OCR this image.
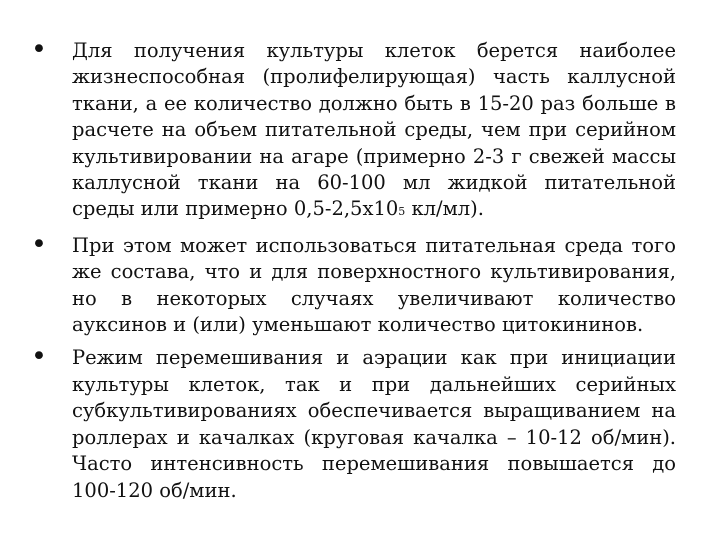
• Для получения культуры клеток берется наиболее жизнеспособная (пролифелирующая) часть каллусной ткани, а ее количество должно быть в 15-20 раз больше в расчете на объем питательной среды, чем при серийном культивировании на агаре (примерно 2-3 г свежей массы каллусной ткани на 60-100 мл жидкой питательной среды или примерно 0,5-2,5х105 кл/мл).
• При этом может использоваться питательная среда того же состава, что и для поверхностного культивирования, но в некоторых случаях увеличивают количество ауксинов и (или) уменьшают количество цитокининов.
• Режим перемешивания и аэрации как при инициации культуры клеток, так и при дальнейших серийных субкультивированиях обеспечивается выращиванием на роллерах и качалках (круговая качалка – 10-12 об/мин). Часто интенсивность перемешивания повышается до 100-120 об/мин.
